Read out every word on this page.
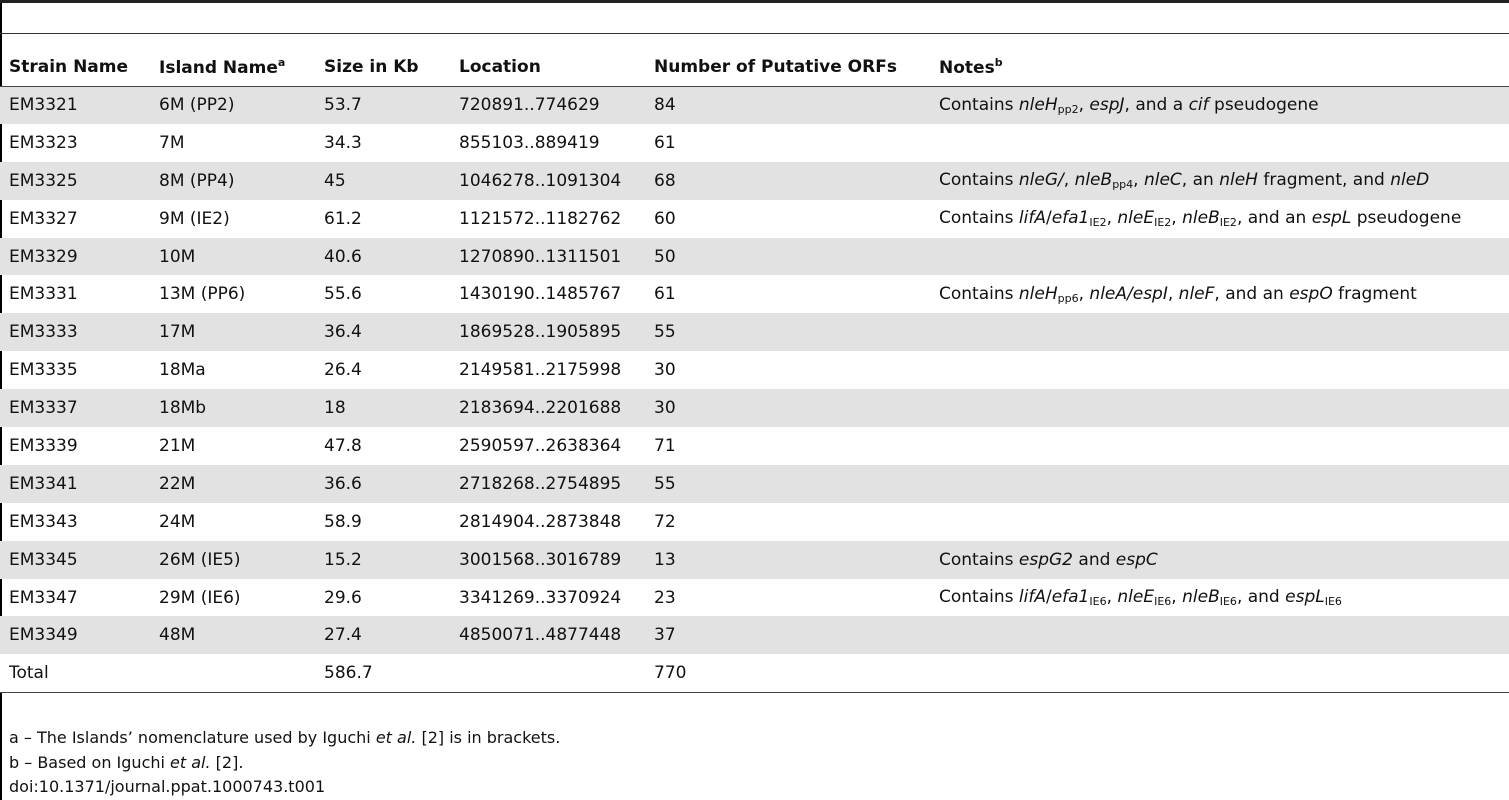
Strain Name	Island Name$^a$	Size in Kb	Location	Number of Putative ORFs	Notes$^b$
EM3321	6M (PP2)	53.7	720891..774629	84	Contains nleH$_{pp2}$, espJ, and a cif pseudogene
EM3323	7M	34.3	855103..889419	61	
EM3325	8M (PP4)	45	1046278..1091304	68	Contains nleG/, nleB$_{pp4}$, nleC, an nleH fragment, and nleD
EM3327	9M (IE2)	61.2	1121572..1182762	60	Contains lifA/$efa1_{IE2}$, nleE$_{IE2}$, nleB$_{IE2}$, and an espL pseudogene
EM3329	10M	40.6	1270890..1311501	50	
EM3331	13M (PP6)	55.6	1430190..1485767	61	Contains nleH$_{pp6}$, nleA/espI, nleF, and an espO fragment
EM3333	17M	36.4	1869528..1905895	55	
EM3335	18Ma	26.4	2149581..2175998	30	
EM3337	18Mb	18	2183694..2201688	30	
EM3339	21M	47.8	2590597..2638364	71	
EM3341	22M	36.6	2718268..2754895	55	
EM3343	24M	58.9	2814904..2873848	72	
EM3345	26M (IE5)	15.2	3001568..3016789	13	Contains espG2 and espC
EM3347	29M (IE6)	29.6	3341269..3370924	23	Contains lifA/$efa1_{IE6}$, nleE$_{IE6}$, nleB$_{IE6}$, and espL$_{IE6}$
EM3349	48M	27.4	4850071..4877448	37	
Total		586.7		770	
a – The Islands’ nomenclature used by Iguchi et al. [2] is in brackets.
b – Based on Iguchi et al. [2].
doi:10.1371/journal.ppat.1000743.t001
